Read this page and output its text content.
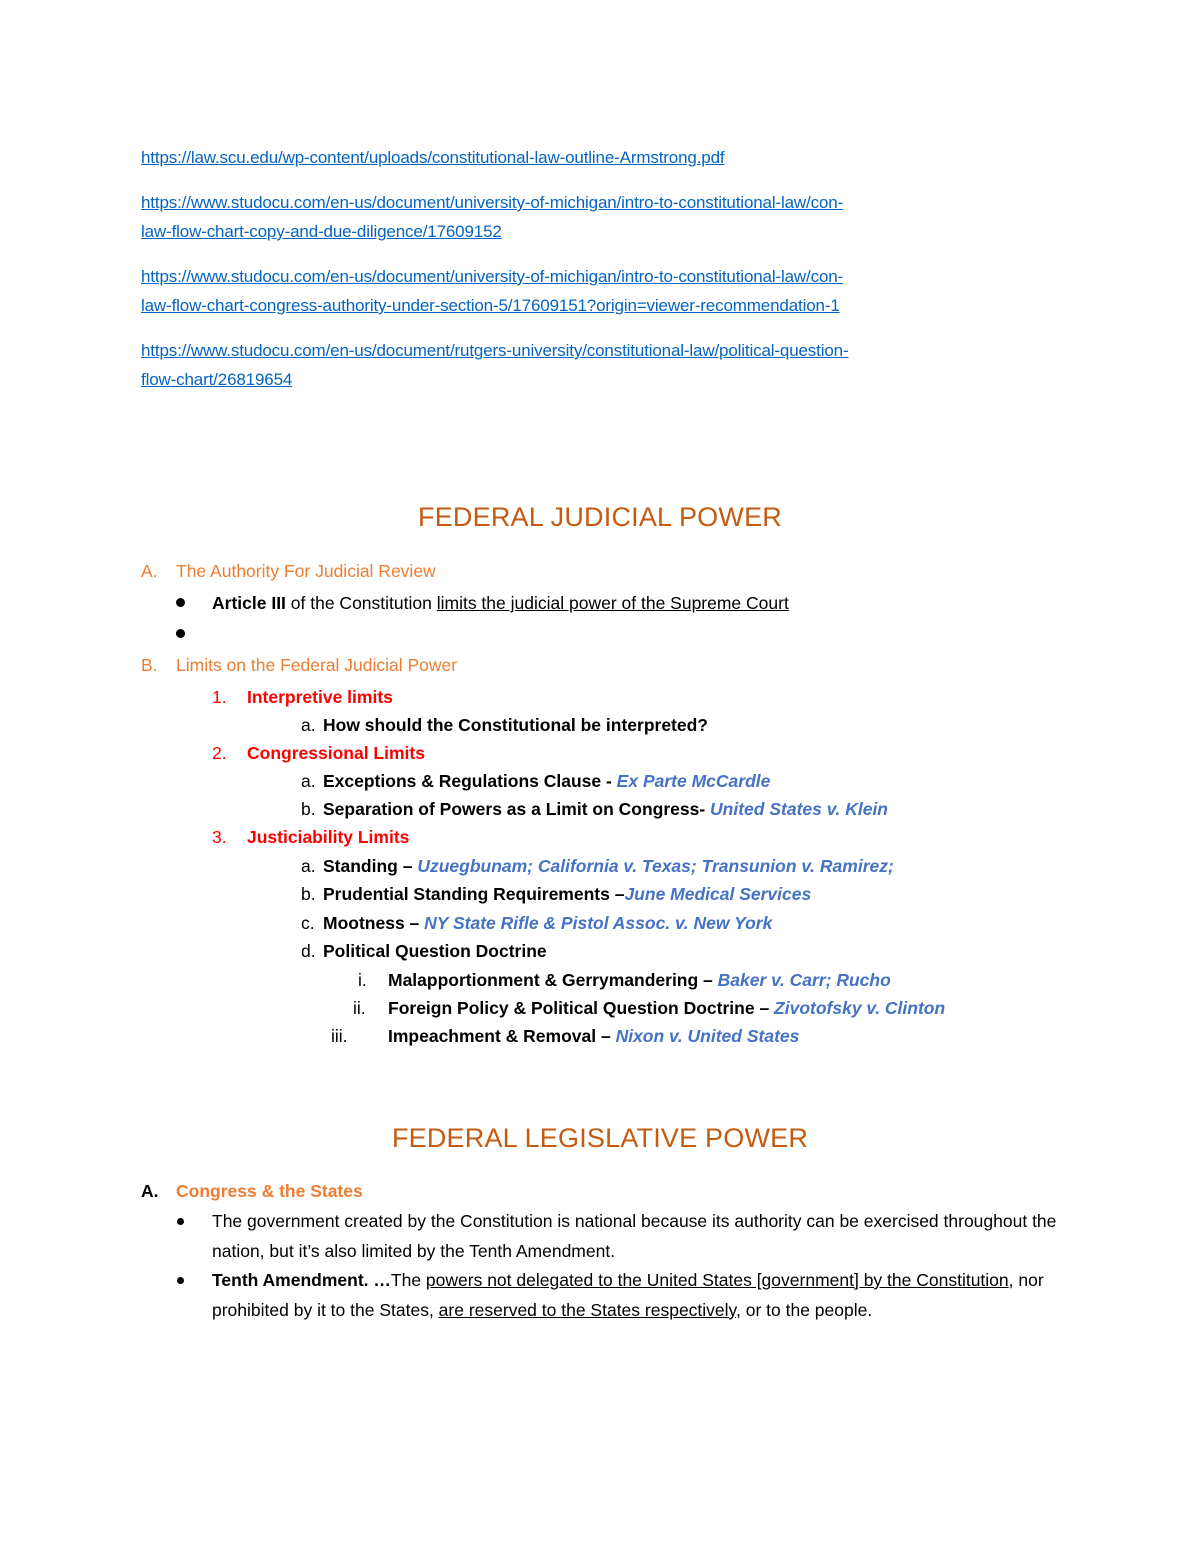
https://law.scu.edu/wp-content/uploads/constitutional-law-outline-Armstrong.pdf
https://www.studocu.com/en-us/document/university-of-michigan/intro-to-constitutional-law/con-
law-flow-chart-copy-and-due-diligence/17609152
https://www.studocu.com/en-us/document/university-of-michigan/intro-to-constitutional-law/con-
law-flow-chart-congress-authority-under-section-5/17609151?origin=viewer-recommendation-1
https://www.studocu.com/en-us/document/rutgers-university/constitutional-law/political-question-
flow-chart/26819654
FEDERAL JUDICIAL POWER
A. The Authority For Judicial Review
Article III of the Constitution limits the judicial power of the Supreme Court
B. Limits on the Federal Judicial Power
1. Interpretive limits
a. How should the Constitutional be interpreted?
2. Congressional Limits
a. Exceptions & Regulations Clause - Ex Parte McCardle
b. Separation of Powers as a Limit on Congress- United States v. Klein
3. Justiciability Limits
a. Standing – Uzuegbunam; California v. Texas; Transunion v. Ramirez;
b. Prudential Standing Requirements –June Medical Services
c. Mootness – NY State Rifle & Pistol Assoc. v. New York
d. Political Question Doctrine
i. Malapportionment & Gerrymandering – Baker v. Carr; Rucho
ii. Foreign Policy & Political Question Doctrine – Zivotofsky v. Clinton
iii. Impeachment & Removal – Nixon v. United States
FEDERAL LEGISLATIVE POWER
A. Congress & the States
The government created by the Constitution is national because its authority can be exercised throughout the nation, but it’s also limited by the Tenth Amendment.
Tenth Amendment. …The powers not delegated to the United States [government] by the Constitution, nor prohibited by it to the States, are reserved to the States respectively, or to the people.
